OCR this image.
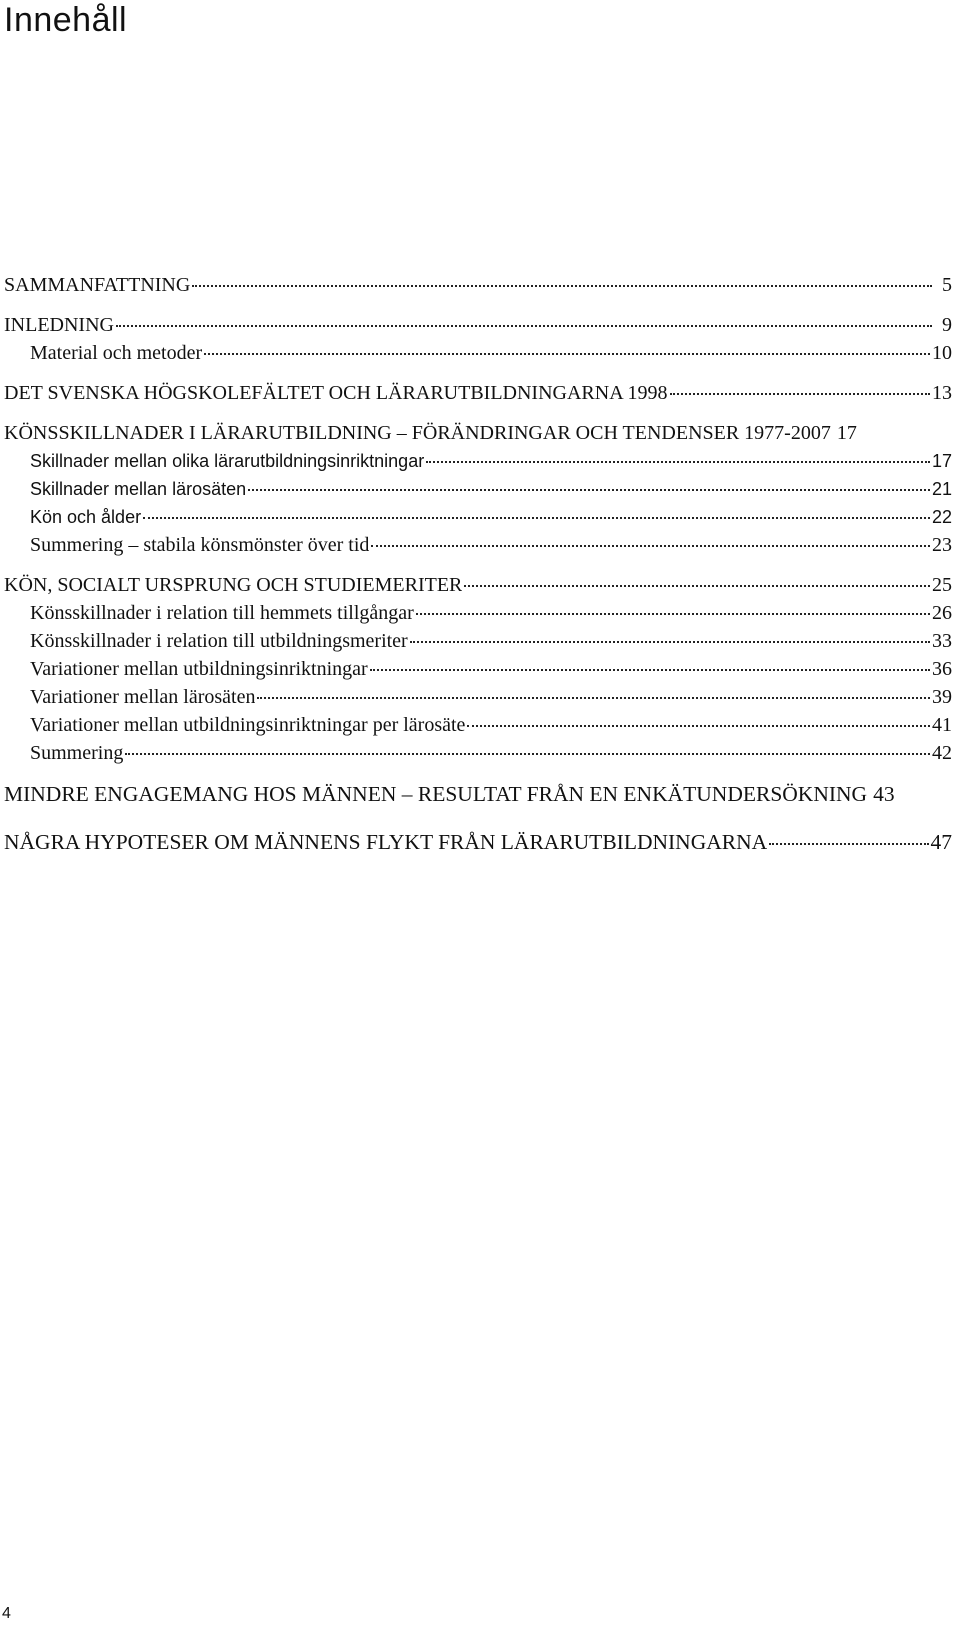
Innehåll
SAMMANFATTNING	5
INLEDNING	9
Material och metoder	10
DET SVENSKA HÖGSKOLEFÄLTET OCH LÄRARUTBILDNINGARNA 1998	13
KÖNSSKILLNADER I LÄRARUTBILDNING – FÖRÄNDRINGAR OCH TENDENSER 1977-2007 17
Skillnader mellan olika lärarutbildningsinriktningar	17
Skillnader mellan lärosäten	21
Kön och ålder	22
Summering – stabila könsmönster över tid	23
KÖN, SOCIALT URSPRUNG OCH STUDIEMERITER	25
Könsskillnader i relation till hemmets tillgångar	26
Könsskillnader i relation till utbildningsmeriter	33
Variationer mellan utbildningsinriktningar	36
Variationer mellan lärosäten	39
Variationer mellan utbildningsinriktningar per lärosäte	41
Summering	42
MINDRE ENGAGEMANG HOS MÄNNEN – RESULTAT FRÅN EN ENKÄTUNDERSÖKNING 43
NÅGRA HYPOTESER OM MÄNNENS FLYKT FRÅN LÄRARUTBILDNINGARNA	47

4
